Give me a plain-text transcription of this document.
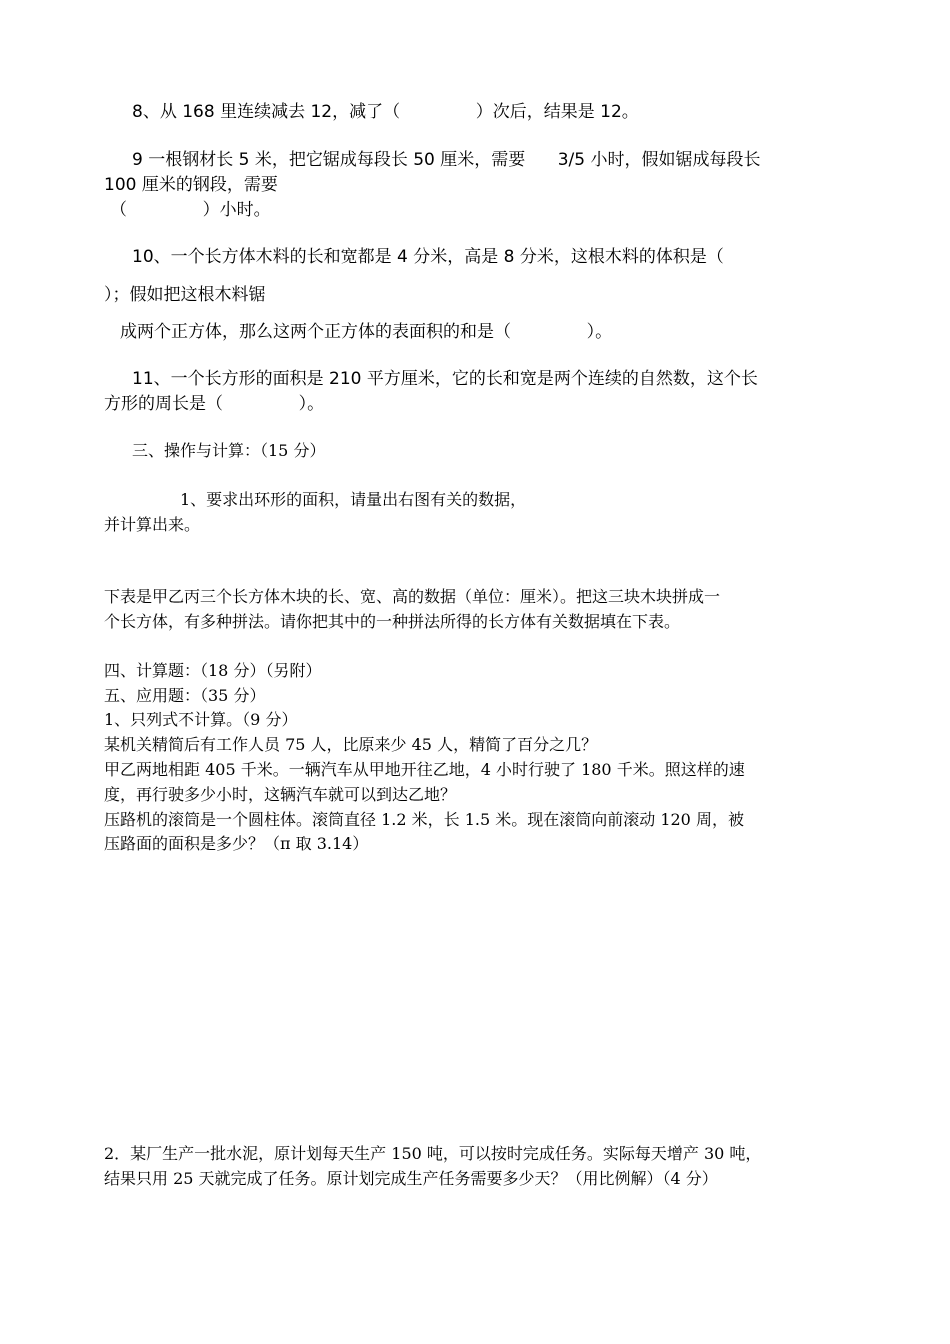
8、从 168 里连续减去 12，减了（              ）次后，结果是 12。
9 一根钢材长 5 米，把它锯成每段长 50 厘米，需要      3/5 小时，假如锯成每段长
100 厘米的钢段，需要
（              ）小时。
10、一个长方体木料的长和宽都是 4 分米，高是 8 分米，这根木料的体积是（
）；假如把这根木料锯
成两个正方体，那么这两个正方体的表面积的和是（              ）。
11、一个长方形的面积是 210 平方厘米，它的长和宽是两个连续的自然数，这个长
方形的周长是（              ）。
三、操作与计算：（15 分）
1、要求出环形的面积，请量出右图有关的数据，
并计算出来。
下表是甲乙丙三个长方体木块的长、宽、高的数据（单位：厘米）。把这三块木块拼成一
个长方体，有多种拼法。请你把其中的一种拼法所得的长方体有关数据填在下表。
四、计算题：（18 分）（另附）
五、应用题：（35 分）
1、只列式不计算。（9 分）
某机关精简后有工作人员 75 人，比原来少 45 人，精简了百分之几？
甲乙两地相距 405 千米。一辆汽车从甲地开往乙地，4 小时行驶了 180 千米。照这样的速
度，再行驶多少小时，这辆汽车就可以到达乙地？
压路机的滚筒是一个圆柱体。滚筒直径 1.2 米，长 1.5 米。现在滚筒向前滚动 120 周，被
压路面的面积是多少？（π 取 3.14）
2．某厂生产一批水泥，原计划每天生产 150 吨，可以按时完成任务。实际每天增产 30 吨，
结果只用 25 天就完成了任务。原计划完成生产任务需要多少天？（用比例解）（4 分）
